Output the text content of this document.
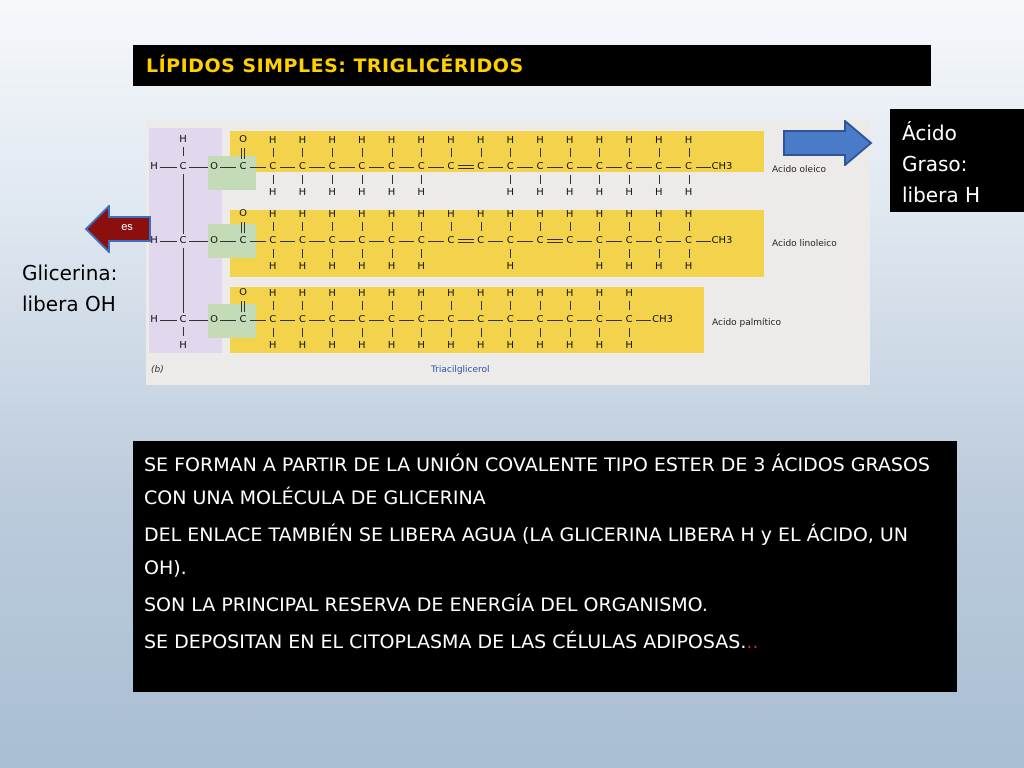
LÍPIDOS SIMPLES: TRIGLICÉRIDOS
Acido oleico
Acido linoleico
Acido palmítico
(b)	Triacilglicerol
H
C
H	O
C
H	O
C
H	O
H
O
C	C
H
H
C
H
H
C
H
H
C
H
H
C
H
H
C
H
H
C
H
C
H
C
H
H
C
H
H
C
H
H
C
H
H
C
H
H
C
H
H
C
H
H
CH3
O
C	C
H
H
C
H
H
C
H
H
C
H
H
C
H
H
C
H
H
C
H
C
H
C
H
H
C
H
C
H
C
H
H
C
H
H
C
H
H
C
H
H
CH3
O
C	C
H
H
C
H
H
C
H
H
C
H
H
C
H
H
C
H
H
C
H
H
C
H
H
C
H
H
C
H
H
C
H
H
C
H
H
C
H
H
CH3
es
Ácido
Graso:
libera H
Glicerina:
libera OH

SE FORMAN A PARTIR DE LA UNIÓN COVALENTE TIPO ESTER DE 3 ÁCIDOS GRASOS CON UNA MOLÉCULA DE GLICERINA

DEL ENLACE TAMBIÉN SE LIBERA AGUA (LA GLICERINA LIBERA H y EL ÁCIDO, UN OH).

SON LA PRINCIPAL RESERVA DE ENERGÍA DEL ORGANISMO.

SE DEPOSITAN EN EL CITOPLASMA DE LAS CÉLULAS ADIPOSAS...
